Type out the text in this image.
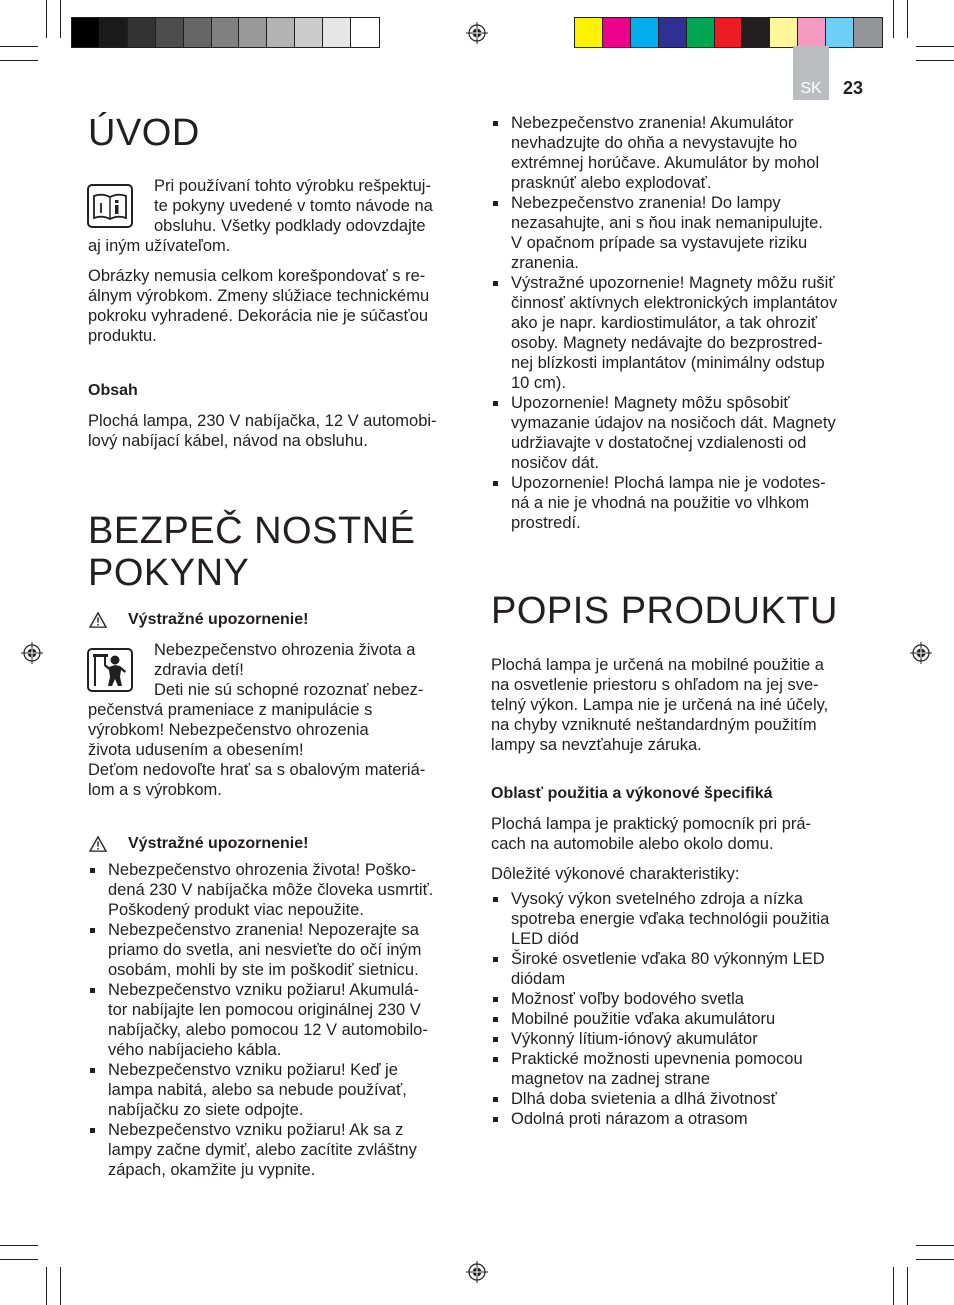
SK 23
ÚVOD

Pri používaní tohto výrobku rešpektuj-

te pokyny uvedené v tomto návode na

obsluhu. Všetky podklady odovzdajte

aj iným užívateľom.

Obrázky nemusia celkom korešpondovať s re-

álnym výrobkom. Zmeny slúžiace technickému

pokroku vyhradené. Dekorácia nie je súčasťou

produktu.

Obsah

Plochá lampa, 230 V nabíjačka, 12 V automobi-

lový nabíjací kábel, návod na obsluhu.

BEZPEČ NOSTNÉ
POKYNY
Výstražné upozornenie!

Nebezpečenstvo ohrozenia života a

zdravia detí!

Deti nie sú schopné rozoznať nebez-

pečenstvá prameniace z manipulácie s

výrobkom! Nebezpečenstvo ohrozenia

života udusením a obesením!

Deťom nedovoľte hrať sa s obalovým materiá-

lom a s výrobkom.

Výstražné upozornenie!
Nebezpečenstvo ohrozenia života! Poško-
dená 230 V nabíjačka môže človeka usmrtiť.
Poškodený produkt viac nepoužite.
Nebezpečenstvo zranenia! Nepozerajte sa
priamo do svetla, ani nesvieťte do očí iným
osobám, mohli by ste im poškodiť sietnicu.
Nebezpečenstvo vzniku požiaru! Akumulá-
tor nabíjajte len pomocou originálnej 230 V
nabíjačky, alebo pomocou 12 V automobilo-
vého nabíjacieho kábla.
Nebezpečenstvo vzniku požiaru! Keď je
lampa nabitá, alebo sa nebude používať,
nabíjačku zo siete odpojte.
Nebezpečenstvo vzniku požiaru! Ak sa z
lampy začne dymiť, alebo zacítite zvláštny
zápach, okamžite ju vypnite.
Nebezpečenstvo zranenia! Akumulátor
nevhadzujte do ohňa a nevystavujte ho
extrémnej horúčave. Akumulátor by mohol
prasknúť alebo explodovať.
Nebezpečenstvo zranenia! Do lampy
nezasahujte, ani s ňou inak nemanipulujte.
V opačnom prípade sa vystavujete riziku
zranenia.
Výstražné upozornenie! Magnety môžu rušiť
činnosť aktívnych elektronických implantátov
ako je napr. kardiostimulátor, a tak ohroziť
osoby. Magnety nedávajte do bezprostred-
nej blízkosti implantátov (minimálny odstup
10 cm).
Upozornenie! Magnety môžu spôsobiť
vymazanie údajov na nosičoch dát. Magnety
udržiavajte v dostatočnej vzdialenosti od
nosičov dát.
Upozornenie! Plochá lampa nie je vodotes-
ná a nie je vhodná na použitie vo vlhkom
prostredí.
POPIS PRODUKTU

Plochá lampa je určená na mobilné použitie a

na osvetlenie priestoru s ohľadom na jej sve-

telný výkon. Lampa nie je určená na iné účely,

na chyby vzniknuté neštandardným použitím

lampy sa nevzťahuje záruka.

Oblasť použitia a výkonové špecifiká

Plochá lampa je praktický pomocník pri prá-

cach na automobile alebo okolo domu.

Dôležité výkonové charakteristiky:
Vysoký výkon svetelného zdroja a nízka
spotreba energie vďaka technológii použitia
LED diód
Široké osvetlenie vďaka 80 výkonným LED
diódam
Možnosť voľby bodového svetla
Mobilné použitie vďaka akumulátoru
Výkonný lítium-iónový akumulátor
Praktické možnosti upevnenia pomocou
magnetov na zadnej strane
Dlhá doba svietenia a dlhá životnosť
Odolná proti nárazom a otrasom
